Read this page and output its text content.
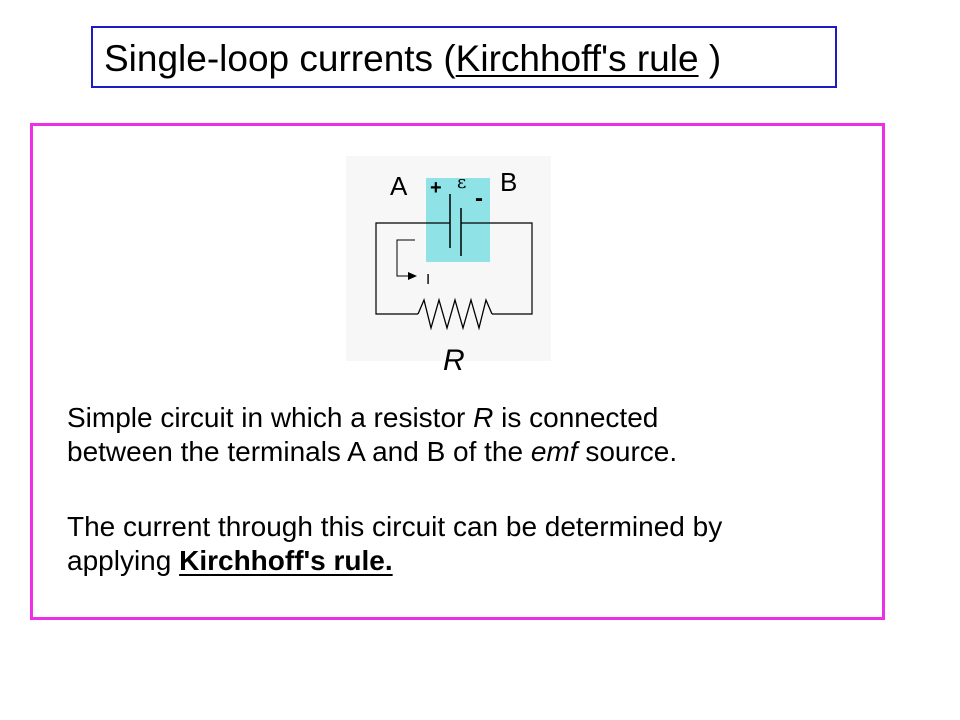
Single-loop currents (Kirchhoff's rule )
A	B
+ -
ε
I
R
Simple circuit in which a resistor R is connected
between the terminals A and B of the emf source.
The current through this circuit can be determined by
applying Kirchhoff's rule.
